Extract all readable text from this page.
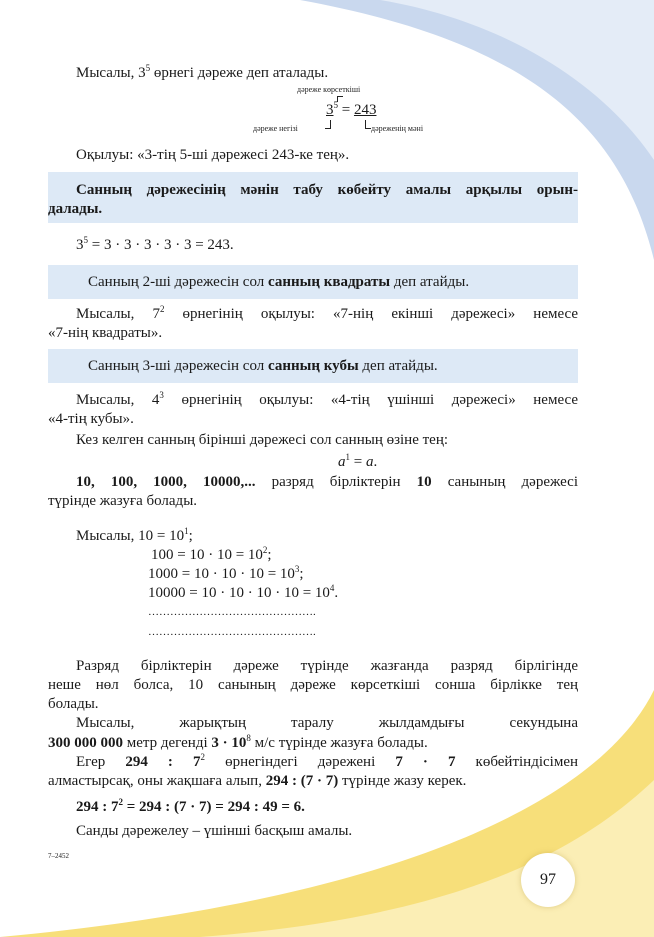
Мысалы, $3^5$ өрнегі дәреже деп аталады.
дәреже көрсеткіші
$3^5 = 243$
дәреже негізі	дәреженің мәні
Оқылуы: «3-тің 5-ші дәрежесі 243-ке тең».
Санның дәрежесінің мәнін табу көбейту амалы арқылы орын-
далады.
$3^5 = 3 \cdot 3 \cdot 3 \cdot 3 \cdot 3 = 243$.
Санның 2-ші дәрежесін сол санның квадраты деп атайды.
Мысалы, $7^2$ өрнегінің оқылуы: «7-нің екінші дәрежесі» немесе
«7-нің квадраты».
Санның 3-ші дәрежесін сол санның кубы деп атайды.
Мысалы, $4^3$ өрнегінің оқылуы: «4-тің үшінші дәрежесі» немесе
«4-тің кубы».
Кез келген санның бірінші дәрежесі сол санның өзіне тең:
$a^1 = a$.
10, 100, 1000, 10000,... разряд бірліктерін 10 санының дәрежесі
түрінде жазуға болады.
Мысалы, $10 = 10^1$;
$100 = 10 \cdot 10 = 10^2$;
$1000 = 10 \cdot 10 \cdot 10 = 10^3$;
$10000 = 10 \cdot 10 \cdot 10 \cdot 10 = 10^4$.
……………………………………….
……………………………………….
Разряд бірліктерін дәреже түрінде жазғанда разряд бірлігінде
неше нөл болса, 10 санының дәреже көрсеткіші сонша бірлікке тең
болады.
Мысалы, жарықтың таралу жылдамдығы секундына
300 000 000 метр дегенді $3 \cdot 10^8$ м/с түрінде жазуға болады.
Егер 294 : $7^2$ өрнегіндегі дәрежені 7 · 7 көбейтіндісімен
алмастырсақ, оны жақшаға алып, 294 : (7 · 7) түрінде жазу керек.
294 : $7^2 = 294$ : (7 · 7) = 294 : 49 = 6.
Санды дәрежелеу – үшінші басқыш амалы.
7–2452
97
